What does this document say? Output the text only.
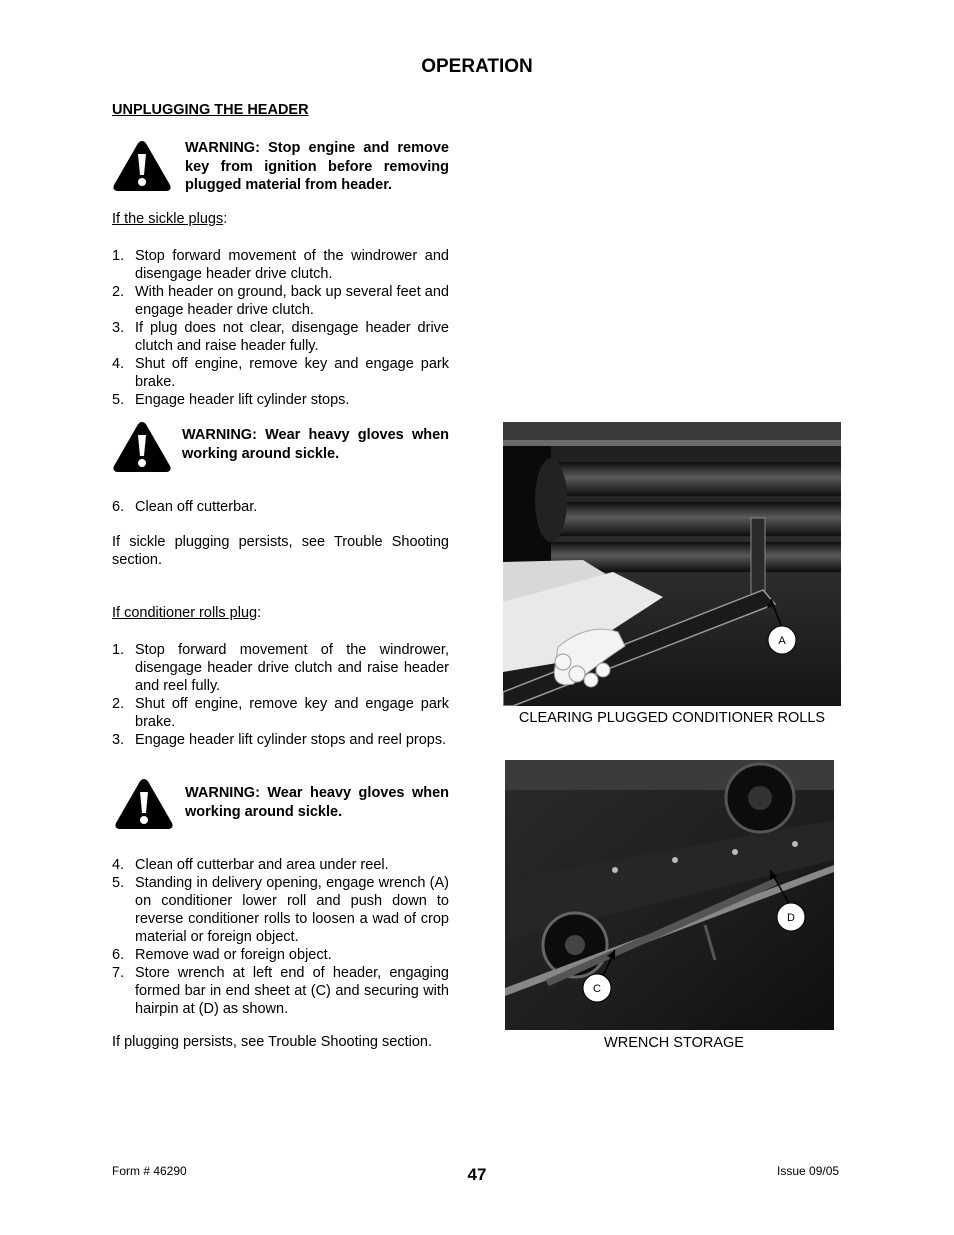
OPERATION
UNPLUGGING THE HEADER
WARNING: Stop engine and remove key from ignition before removing plugged material from header.
If the sickle plugs:
1. Stop forward movement of the windrower and disengage header drive clutch.
2. With header on ground, back up several feet and engage header drive clutch.
3. If plug does not clear, disengage header drive clutch and raise header fully.
4. Shut off engine, remove key and engage park brake.
5. Engage header lift cylinder stops.
WARNING: Wear heavy gloves when working around sickle.
6. Clean off cutterbar.
If sickle plugging persists, see Trouble Shooting section.
If conditioner rolls plug:
1. Stop forward movement of the windrower, disengage header drive clutch and raise header and reel fully.
2. Shut off engine, remove key and engage park brake.
3. Engage header lift cylinder stops and reel props.
WARNING: Wear heavy gloves when working around sickle.
4. Clean off cutterbar and area under reel.
5. Standing in delivery opening, engage wrench (A) on conditioner lower roll and push down to reverse conditioner rolls to loosen a wad of crop material or foreign object.
6. Remove wad or foreign object.
7. Store wrench at left end of header, engaging formed bar in end sheet at (C) and securing with hairpin at (D) as shown.
If plugging persists, see Trouble Shooting section.
A
CLEARING PLUGGED CONDITIONER ROLLS
D
C
WRENCH STORAGE
Form # 46290	47	Issue 09/05
